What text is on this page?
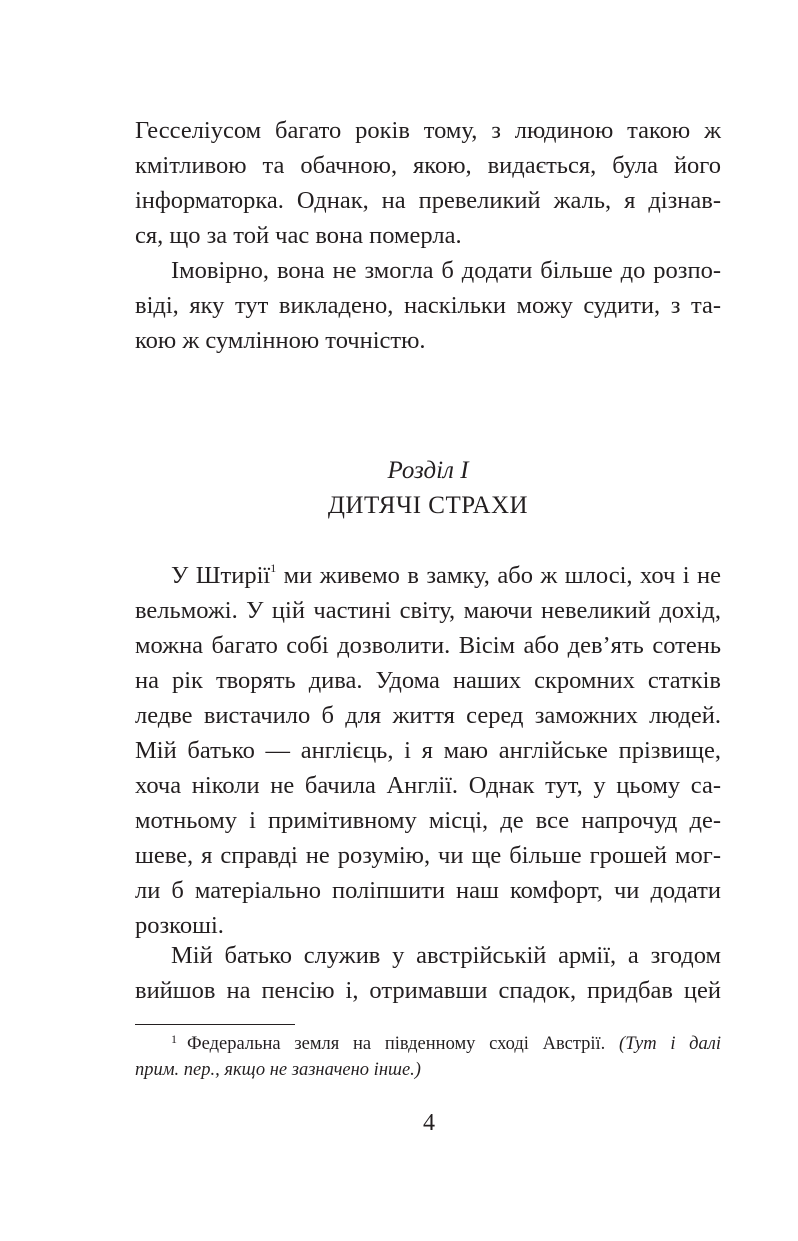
Гесселіусом багато років тому, з людиною такою ж
кмітливою та обачною, якою, видається, була його
інформаторка. Однак, на превеликий жаль, я дізнав-
ся, що за той час вона померла.
Імовірно, вона не змогла б додати більше до розпо-
віді, яку тут викладено, наскільки можу судити, з та-
кою ж сумлінною точністю.
Розділ I
ДИТЯЧІ СТРАХИ
У Штирії$^1$ ми живемо в замку, або ж шлосі, хоч і не
вельможі. У цій частині світу, маючи невеликий дохід,
можна багато собі дозволити. Вісім або дев’ять сотень
на рік творять дива. Удома наших скромних статків
ледве вистачило б для життя серед заможних людей.
Мій батько — англієць, і я маю англійське прізвище,
хоча ніколи не бачила Англії. Однак тут, у цьому са-
мотньому і примітивному місці, де все напрочуд де-
шеве, я справді не розумію, чи ще більше грошей мог-
ли б матеріально поліпшити наш комфорт, чи додати
розкоші.
Мій батько служив у австрійській армії, а згодом
вийшов на пенсію і, отримавши спадок, придбав цей
$^1$ Федеральна земля на південному сході Австрії. (Тут і далі
прим. пер., якщо не зазначено інше.)
4
